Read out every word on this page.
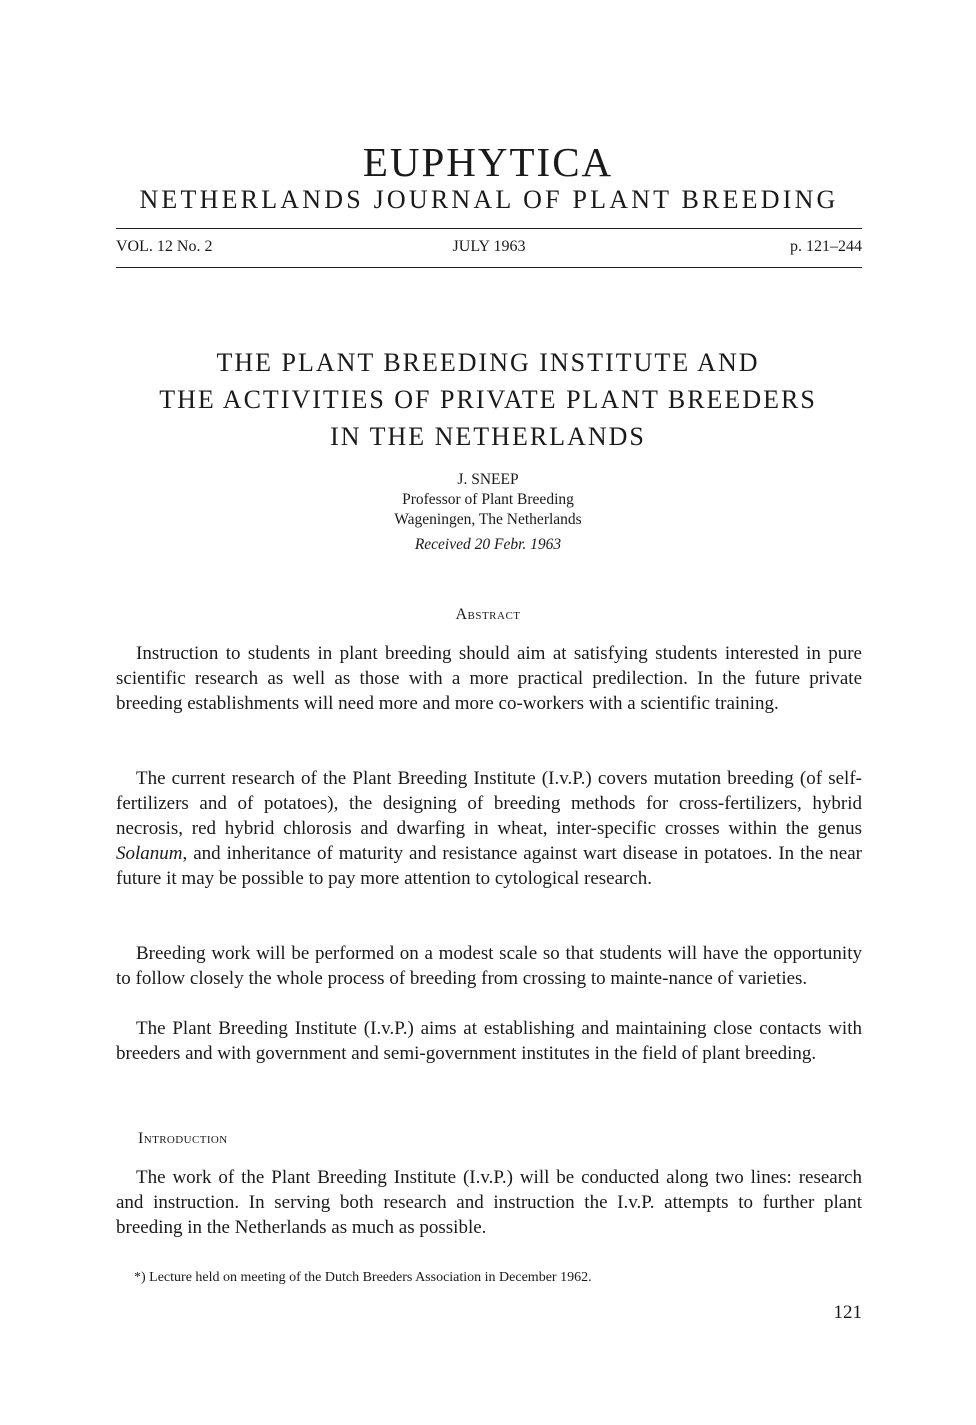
EUPHYTICA
NETHERLANDS JOURNAL OF PLANT BREEDING
VOL. 12 No. 2	JULY 1963	p. 121–244
THE PLANT BREEDING INSTITUTE AND
THE ACTIVITIES OF PRIVATE PLANT BREEDERS
IN THE NETHERLANDS
J. SNEEP
Professor of Plant Breeding
Wageningen, The Netherlands
Received 20 Febr. 1963
Abstract

Instruction to students in plant breeding should aim at satisfying students interested in pure scientific research as well as those with a more practical predilection. In the future private breeding establishments will need more and more co-workers with a scientific training.

The current research of the Plant Breeding Institute (I.v.P.) covers mutation breeding (of self-fertilizers and of potatoes), the designing of breeding methods for cross-fertilizers, hybrid necrosis, red hybrid chlorosis and dwarfing in wheat, inter-specific crosses within the genus Solanum, and inheritance of maturity and resistance against wart disease in potatoes. In the near future it may be possible to pay more attention to cytological research.

Breeding work will be performed on a modest scale so that students will have the opportunity to follow closely the whole process of breeding from crossing to mainte-nance of varieties.

The Plant Breeding Institute (I.v.P.) aims at establishing and maintaining close contacts with breeders and with government and semi-government institutes in the field of plant breeding.

Introduction

The work of the Plant Breeding Institute (I.v.P.) will be conducted along two lines: research and instruction. In serving both research and instruction the I.v.P. attempts to further plant breeding in the Netherlands as much as possible.

*) Lecture held on meeting of the Dutch Breeders Association in December 1962.
121
